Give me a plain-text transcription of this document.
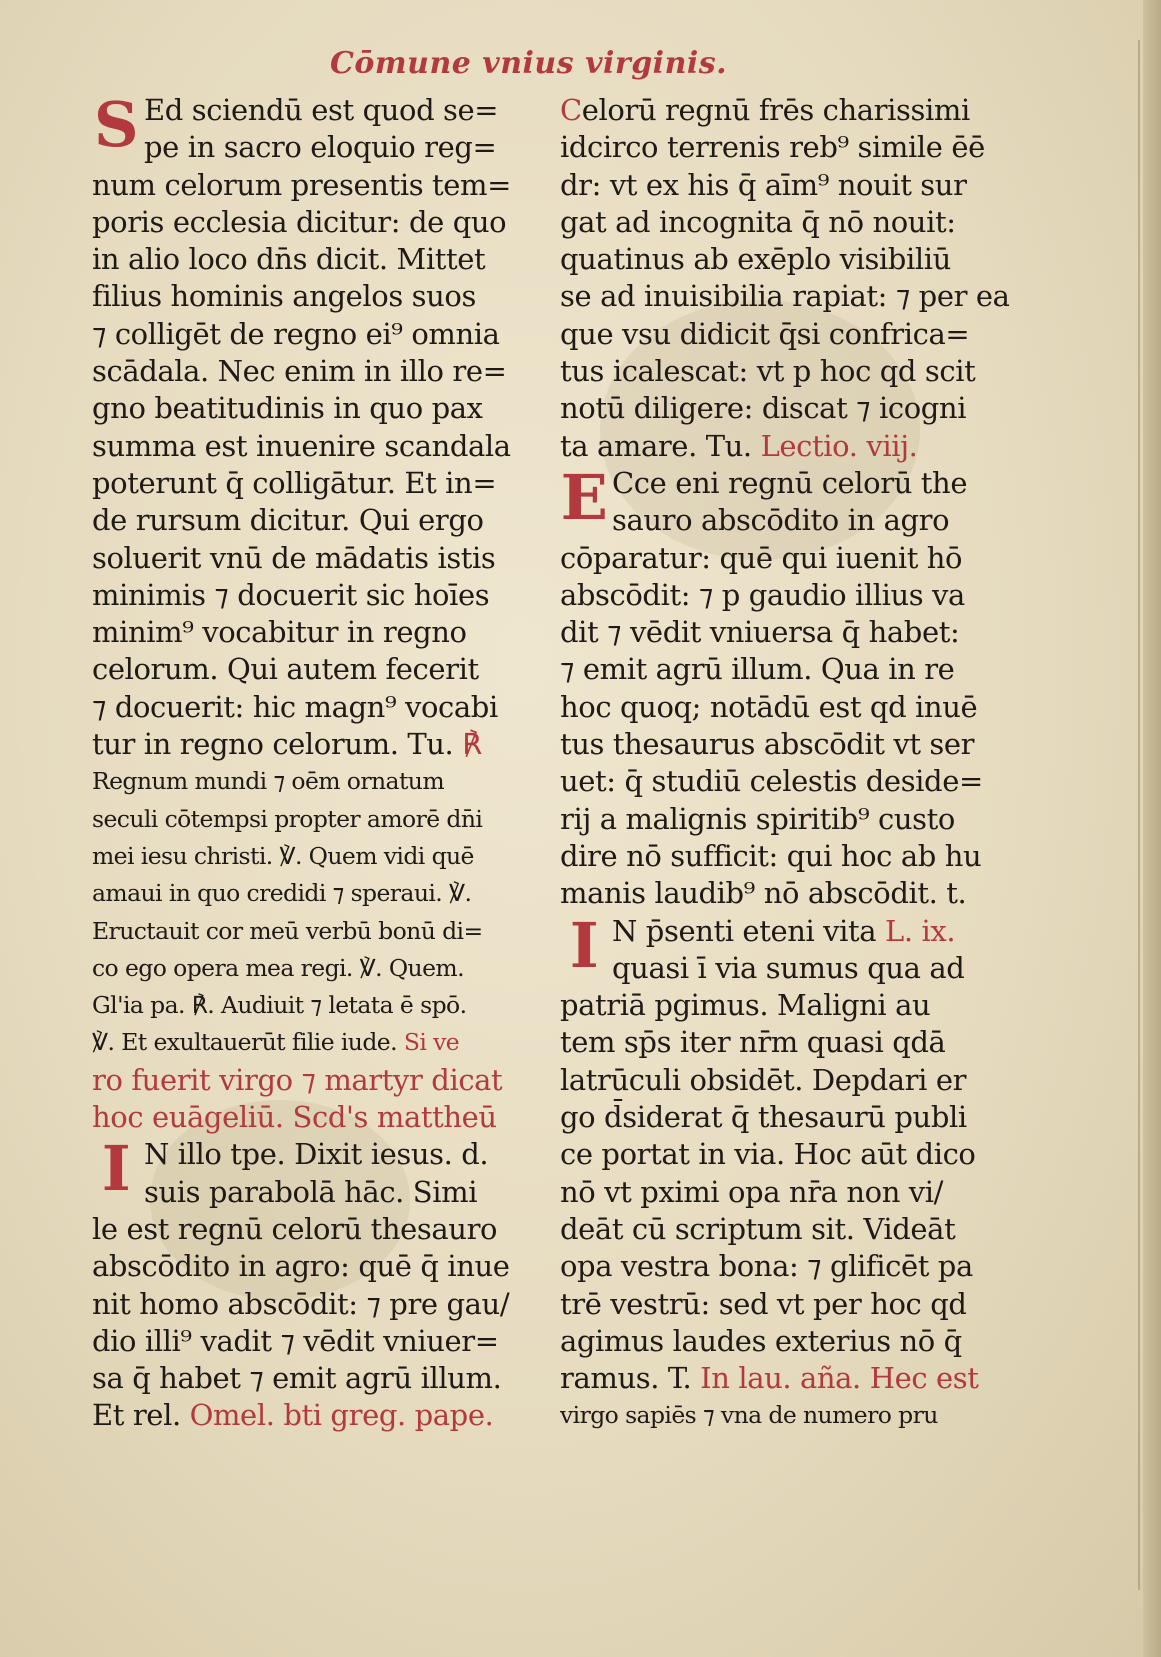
Cōmune vnius virginis.
S Ed sciendū est quod se=
pe in sacro eloquio reg=
num celorum presentis tem=
poris ecclesia dicitur: de quo
in alio loco dn̄s dicit. Mittet
filius hominis angelos suos
⁊ colligēt de regno ei⁹ omnia
scādala. Nec enim in illo re=
gno beatitudinis in quo pax
summa est inuenire scandala
poterunt q̄ colligātur. Et in=
de rursum dicitur. Qui ergo
soluerit vnū de mādatis istis
minimis ⁊ docuerit sic hoīes
minim⁹ vocabitur in regno
celorum. Qui autem fecerit
⁊ docuerit: hic magn⁹ vocabi
tur in regno celorum. Tu. ℟
Regnum mundi ⁊ oēm ornatum
seculi cōtempsi propter amorē dn̄i
mei iesu christi. ℣. Quem vidi quē
amaui in quo credidi ⁊ speraui. ℣.
Eructauit cor meū verbū bonū di=
co ego opera mea regi. ℣. Quem.
Gl'ia pa. ℟. Audiuit ⁊ letata ē spō.
℣. Et exultauerūt filie iude. Si ve
ro fuerit virgo ⁊ martyr dicat
hoc euāgeliū. Scd's mattheū
I N illo tpe. Dixit iesus. d.
suis parabolā hāc. Simi
le est regnū celorū thesauro
abscōdito in agro: quē q̄ inue
nit homo abscōdit: ⁊ pre gau/
dio illi⁹ vadit ⁊ vēdit vniuer=
sa q̄ habet ⁊ emit agrū illum.
Et rel. Omel. bti greg. pape.
Celorū regnū frēs charissimi
idcirco terrenis reb⁹ simile ēē
dr: vt ex his q̄ aīm⁹ nouit sur
gat ad incognita q̄ nō nouit:
quatinus ab exēplo visibiliū
se ad inuisibilia rapiat: ⁊ per ea
que vsu didicit q̄si confrica=
tus icalescat: vt p hoc qd scit
notū diligere: discat ⁊ icogni
ta amare. Tu. Lectio. viij.
E Cce eni regnū celorū the
sauro abscōdito in agro
cōparatur: quē qui iuenit hō
abscōdit: ⁊ p gaudio illius va
dit ⁊ vēdit vniuersa q̄ habet:
⁊ emit agrū illum. Qua in re
hoc quoq; notādū est qd inuē
tus thesaurus abscōdit vt ser
uet: q̄ studiū celestis deside=
rij a malignis spiritib⁹ custo
dire nō sufficit: qui hoc ab hu
manis laudib⁹ nō abscōdit. t.
I N p̄senti eteni vita L. ix.
quasi ī via sumus qua ad
patriā pgimus. Maligni au
tem sp̄s iter nr̄m quasi qdā
latrūculi obsidēt. Depdari er
go d̄siderat q̄ thesaurū publi
ce portat in via. Hoc aūt dico
nō vt pximi opa nr̄a non vi/
deāt cū scriptum sit. Videāt
opa vestra bona: ⁊ glificēt pa
trē vestrū: sed vt per hoc qd
agimus laudes exterius nō q̄
ramus. T. In lau. aña. Hec est
virgo sapiēs ⁊ vna de numero pru
